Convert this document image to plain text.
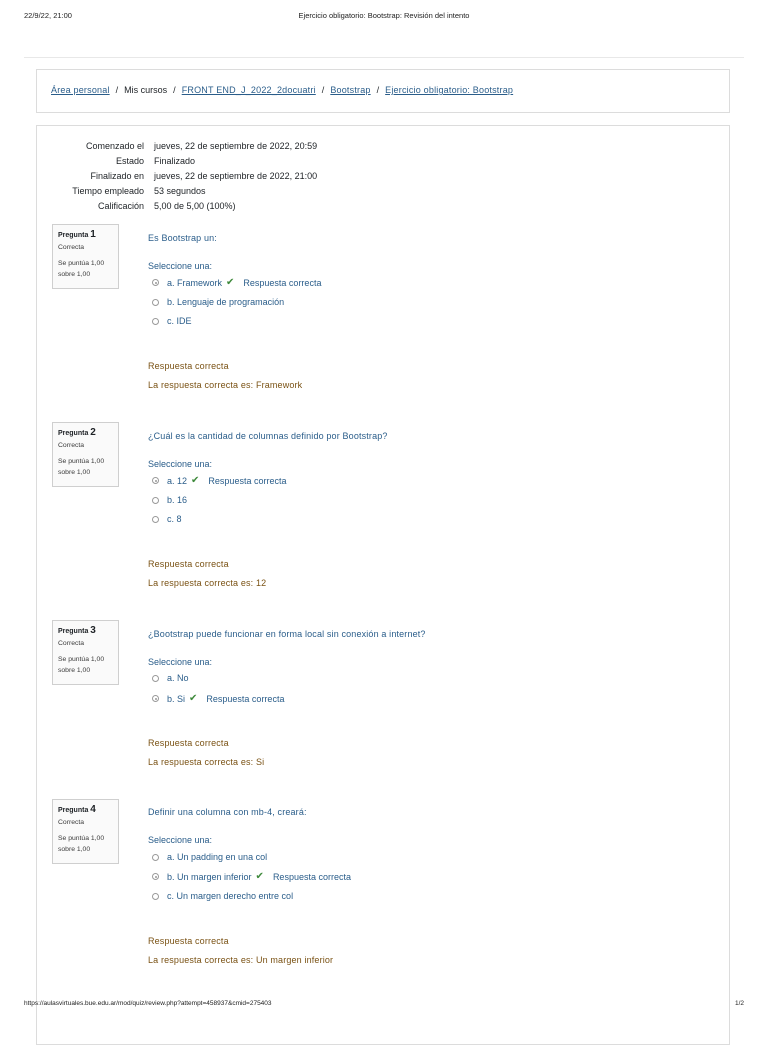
22/9/22, 21:00	Ejercicio obligatorio: Bootstrap: Revisión del intento
Área personal / Mis cursos / FRONT END_J_2022_2docuatri / Bootstrap / Ejercicio obligatorio: Bootstrap
Comenzado el	jueves, 22 de septiembre de 2022, 20:59
Estado	Finalizado
Finalizado en	jueves, 22 de septiembre de 2022, 21:00
Tiempo empleado	53 segundos
Calificación	5,00 de 5,00 (100%)
Pregunta 1
Correcta
Se puntúa 1,00
sobre 1,00
Es Bootstrap un:
Seleccione una:
a. Framework ✔ Respuesta correcta
b. Lenguaje de programación
c. IDE
Respuesta correcta
La respuesta correcta es: Framework
Pregunta 2
Correcta
Se puntúa 1,00
sobre 1,00
¿Cuál es la cantidad de columnas definido por Bootstrap?
Seleccione una:
a. 12 ✔ Respuesta correcta
b. 16
c. 8
Respuesta correcta
La respuesta correcta es: 12
Pregunta 3
Correcta
Se puntúa 1,00
sobre 1,00
¿Bootstrap puede funcionar en forma local sin conexión a internet?
Seleccione una:
a. No
b. Si ✔ Respuesta correcta
Respuesta correcta
La respuesta correcta es: Si
Pregunta 4
Correcta
Se puntúa 1,00
sobre 1,00
Definir una columna con mb-4, creará:
Seleccione una:
a. Un padding en una col
b. Un margen inferior ✔ Respuesta correcta
c. Un margen derecho entre col
Respuesta correcta
La respuesta correcta es: Un margen inferior
https://aulasvirtuales.bue.edu.ar/mod/quiz/review.php?attempt=458937&cmid=275403	1/2
